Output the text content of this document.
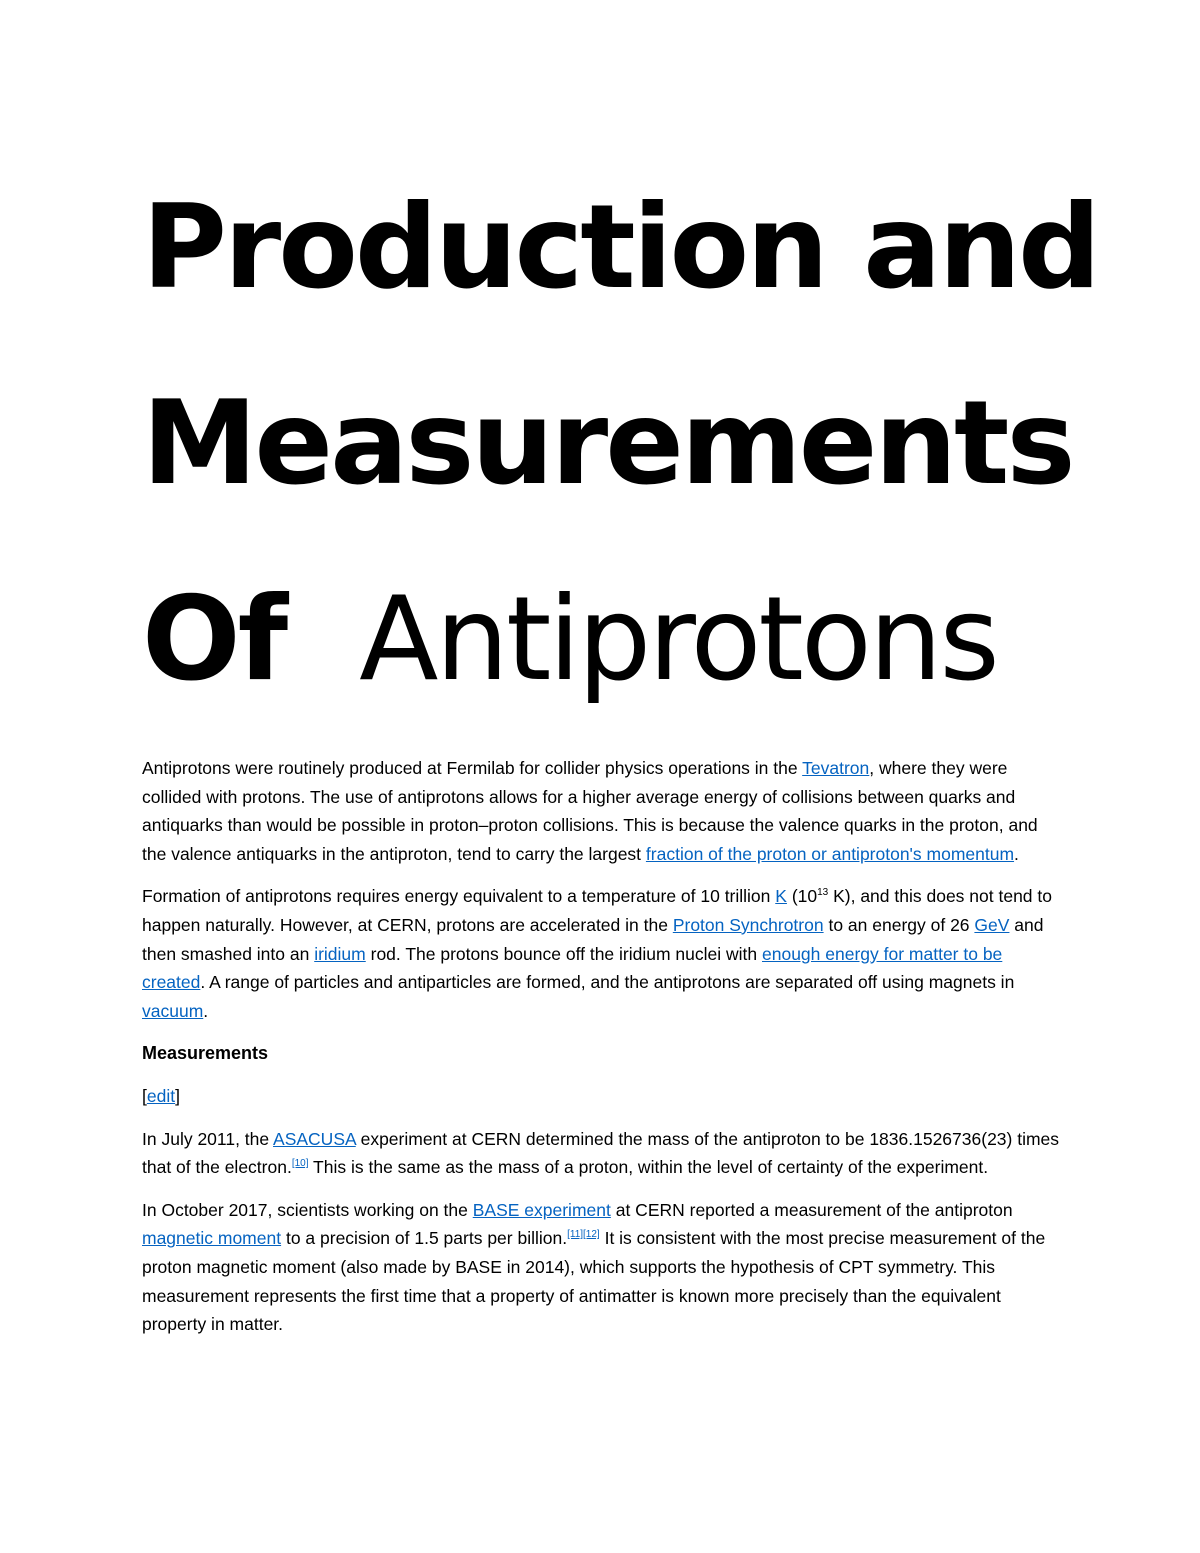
Production and
Measurements
Of Antiprotons

Antiprotons were routinely produced at Fermilab for collider physics operations in the Tevatron, where they were collided with protons. The use of antiprotons allows for a higher average energy of collisions between quarks and antiquarks than would be possible in proton–proton collisions. This is because the valence quarks in the proton, and the valence antiquarks in the antiproton, tend to carry the largest fraction of the proton or antiproton's momentum.

Formation of antiprotons requires energy equivalent to a temperature of 10 trillion K ($10^{13}$ K), and this does not tend to happen naturally. However, at CERN, protons are accelerated in the Proton Synchrotron to an energy of 26 GeV and then smashed into an iridium rod. The protons bounce off the iridium nuclei with enough energy for matter to be created. A range of particles and antiparticles are formed, and the antiprotons are separated off using magnets in vacuum.

Measurements

[edit]

In July 2011, the ASACUSA experiment at CERN determined the mass of the antiproton to be 1836.1526736(23) times that of the electron.[10] This is the same as the mass of a proton, within the level of certainty of the experiment.

In October 2017, scientists working on the BASE experiment at CERN reported a measurement of the antiproton magnetic moment to a precision of 1.5 parts per billion.[11][12] It is consistent with the most precise measurement of the proton magnetic moment (also made by BASE in 2014), which supports the hypothesis of CPT symmetry. This measurement represents the first time that a property of antimatter is known more precisely than the equivalent property in matter.
